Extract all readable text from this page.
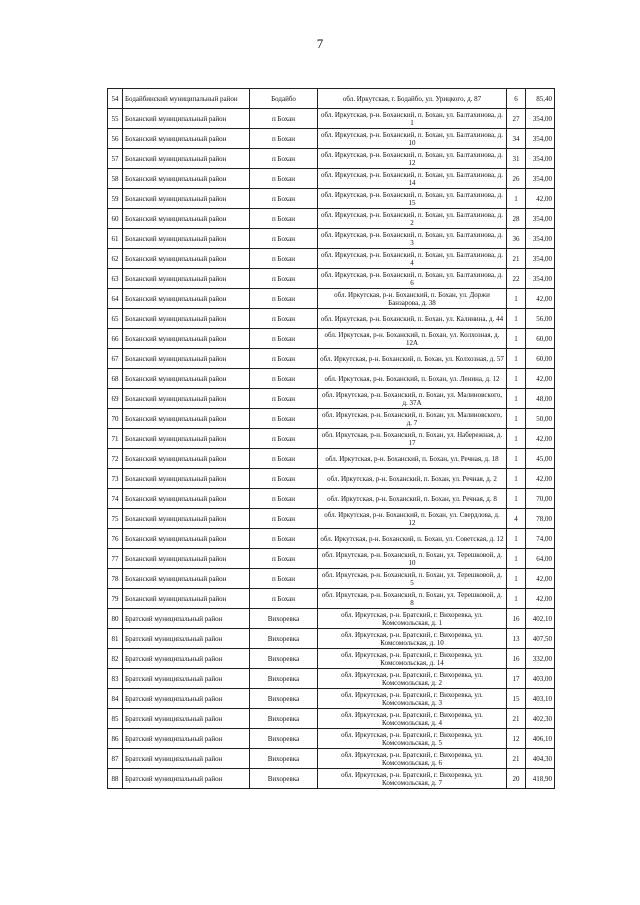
7
54	Бодайбинский муниципальный район	Бодайбо	обл. Иркутская, г. Бодайбо, ул. Урицкого, д. 87	6	85,40
55	Боханский муниципальный район	п Бохан	обл. Иркутская, р-н. Боханский, п. Бохан, ул. Балтахинова, д. 1	27	354,00
56	Боханский муниципальный район	п Бохан	обл. Иркутская, р-н. Боханский, п. Бохан, ул. Балтахинова, д. 10	34	354,00
57	Боханский муниципальный район	п Бохан	обл. Иркутская, р-н. Боханский, п. Бохан, ул. Балтахинова, д. 12	31	354,00
58	Боханский муниципальный район	п Бохан	обл. Иркутская, р-н. Боханский, п. Бохан, ул. Балтахинова, д. 14	26	354,00
59	Боханский муниципальный район	п Бохан	обл. Иркутская, р-н. Боханский, п. Бохан, ул. Балтахинова, д. 15	1	42,00
60	Боханский муниципальный район	п Бохан	обл. Иркутская, р-н. Боханский, п. Бохан, ул. Балтахинова, д. 2	28	354,00
61	Боханский муниципальный район	п Бохан	обл. Иркутская, р-н. Боханский, п. Бохан, ул. Балтахинова, д. 3	36	354,00
62	Боханский муниципальный район	п Бохан	обл. Иркутская, р-н. Боханский, п. Бохан, ул. Балтахинова, д. 4	21	354,00
63	Боханский муниципальный район	п Бохан	обл. Иркутская, р-н. Боханский, п. Бохан, ул. Балтахинова, д. 6	22	354,00
64	Боханский муниципальный район	п Бохан	обл. Иркутская, р-н. Боханский, п. Бохан, ул. Доржи Банзарова, д. 38	1	42,00
65	Боханский муниципальный район	п Бохан	обл. Иркутская, р-н. Боханский, п. Бохан, ул. Калинина, д. 44	1	56,00
66	Боханский муниципальный район	п Бохан	обл. Иркутская, р-н. Боханский, п. Бохан, ул. Колхозная, д. 12А	1	60,00
67	Боханский муниципальный район	п Бохан	обл. Иркутская, р-н. Боханский, п. Бохан, ул. Колхозная, д. 57	1	60,00
68	Боханский муниципальный район	п Бохан	обл. Иркутская, р-н. Боханский, п. Бохан, ул. Ленина, д. 12	1	42,00
69	Боханский муниципальный район	п Бохан	обл. Иркутская, р-н. Боханский, п. Бохан, ул. Малиновского, д. 37А	1	48,00
70	Боханский муниципальный район	п Бохан	обл. Иркутская, р-н. Боханский, п. Бохан, ул. Малиновского, д. 7	1	50,00
71	Боханский муниципальный район	п Бохан	обл. Иркутская, р-н. Боханский, п. Бохан, ул. Набережная, д. 17	1	42,00
72	Боханский муниципальный район	п Бохан	обл. Иркутская, р-н. Боханский, п. Бохан, ул. Речная, д. 18	1	45,00
73	Боханский муниципальный район	п Бохан	обл. Иркутская, р-н. Боханский, п. Бохан, ул. Речная, д. 2	1	42,00
74	Боханский муниципальный район	п Бохан	обл. Иркутская, р-н. Боханский, п. Бохан, ул. Речная, д. 8	1	70,00
75	Боханский муниципальный район	п Бохан	обл. Иркутская, р-н. Боханский, п. Бохан, ул. Свердлова, д. 12	4	78,00
76	Боханский муниципальный район	п Бохан	обл. Иркутская, р-н. Боханский, п. Бохан, ул. Советская, д. 12	1	74,00
77	Боханский муниципальный район	п Бохан	обл. Иркутская, р-н. Боханский, п. Бохан, ул. Терешковой, д. 10	1	64,00
78	Боханский муниципальный район	п Бохан	обл. Иркутская, р-н. Боханский, п. Бохан, ул. Терешковой, д. 5	1	42,00
79	Боханский муниципальный район	п Бохан	обл. Иркутская, р-н. Боханский, п. Бохан, ул. Терешковой, д. 8	1	42,00
80	Братский муниципальный район	Вихоревка	обл. Иркутская, р-н. Братский, г. Вихоревка, ул. Комсомольская, д. 1	16	402,10
81	Братский муниципальный район	Вихоревка	обл. Иркутская, р-н. Братский, г. Вихоревка, ул. Комсомольская, д. 10	13	407,50
82	Братский муниципальный район	Вихоревка	обл. Иркутская, р-н. Братский, г. Вихоревка, ул. Комсомольская, д. 14	16	332,00
83	Братский муниципальный район	Вихоревка	обл. Иркутская, р-н. Братский, г. Вихоревка, ул. Комсомольская, д. 2	17	403,00
84	Братский муниципальный район	Вихоревка	обл. Иркутская, р-н. Братский, г. Вихоревка, ул. Комсомольская, д. 3	15	403,10
85	Братский муниципальный район	Вихоревка	обл. Иркутская, р-н. Братский, г. Вихоревка, ул. Комсомольская, д. 4	21	402,30
86	Братский муниципальный район	Вихоревка	обл. Иркутская, р-н. Братский, г. Вихоревка, ул. Комсомольская, д. 5	12	406,10
87	Братский муниципальный район	Вихоревка	обл. Иркутская, р-н. Братский, г. Вихоревка, ул. Комсомольская, д. 6	21	404,30
88	Братский муниципальный район	Вихоревка	обл. Иркутская, р-н. Братский, г. Вихоревка, ул. Комсомольская, д. 7	20	418,90
